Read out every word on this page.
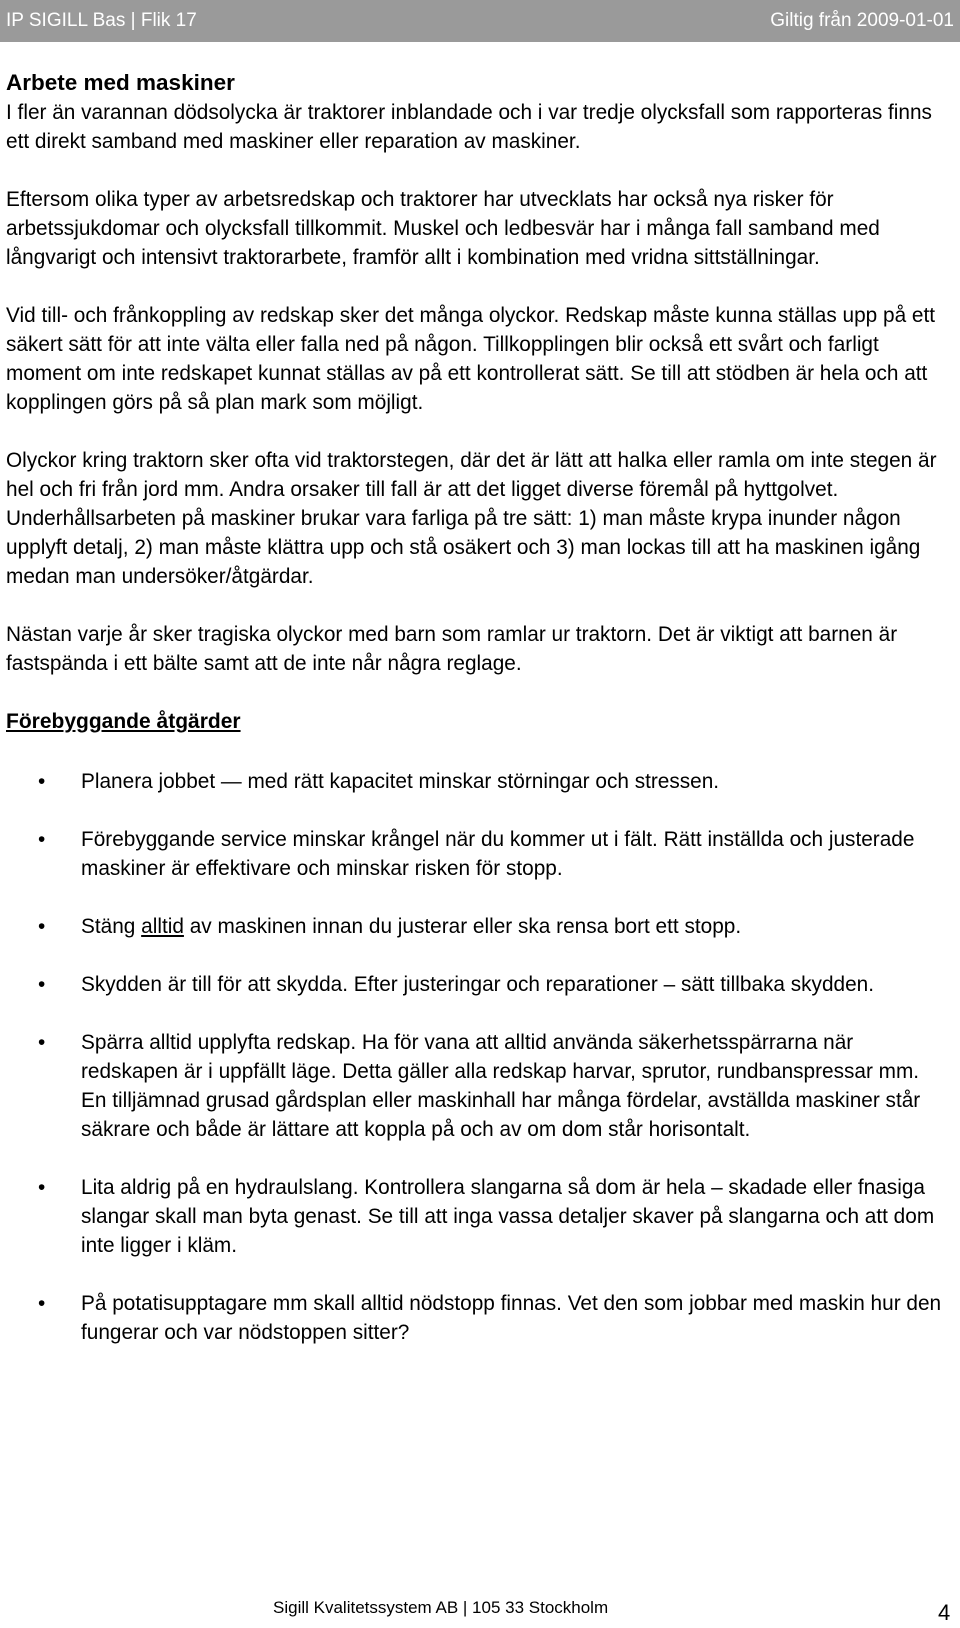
IP SIGILL Bas | Flik 17	Giltig från 2009-01-01
Arbete med maskiner

I fler än varannan dödsolycka är traktorer inblandade och i var tredje olycksfall som rapporteras finns ett direkt samband med maskiner eller reparation av maskiner.

Eftersom olika typer av arbetsredskap och traktorer har utvecklats har också nya risker för arbetssjukdomar och olycksfall tillkommit. Muskel och ledbesvär har i många fall samband med långvarigt och intensivt traktorarbete, framför allt i kombination med vridna sittställningar.

Vid till- och frånkoppling av redskap sker det många olyckor. Redskap måste kunna ställas upp på ett säkert sätt för att inte välta eller falla ned på någon. Tillkopplingen blir också ett svårt och farligt moment om inte redskapet kunnat ställas av på ett kontrollerat sätt. Se till att stödben är hela och att kopplingen görs på så plan mark som möjligt.

Olyckor kring traktorn sker ofta vid traktorstegen, där det är lätt att halka eller ramla om inte stegen är hel och fri från jord mm. Andra orsaker till fall är att det ligget diverse föremål på hyttgolvet. Underhållsarbeten på maskiner brukar vara farliga på tre sätt: 1) man måste krypa inunder någon upplyft detalj, 2) man måste klättra upp och stå osäkert och 3) man lockas till att ha maskinen igång medan man undersöker/åtgärdar.

Nästan varje år sker tragiska olyckor med barn som ramlar ur traktorn. Det är viktigt att barnen är fastspända i ett bälte samt att de inte når några reglage.

Förebyggande åtgärder
• Planera jobbet — med rätt kapacitet minskar störningar och stressen.
• Förebyggande service minskar krångel när du kommer ut i fält. Rätt inställda och justerade maskiner är effektivare och minskar risken för stopp.
• Stäng alltid av maskinen innan du justerar eller ska rensa bort ett stopp.
• Skydden är till för att skydda. Efter justeringar och reparationer – sätt tillbaka skydden.
• Spärra alltid upplyfta redskap. Ha för vana att alltid använda säkerhetsspärrarna när redskapen är i uppfällt läge. Detta gäller alla redskap harvar, sprutor, rundbanspressar mm. En tilljämnad grusad gårdsplan eller maskinhall har många fördelar, avställda maskiner står säkrare och både är lättare att koppla på och av om dom står horisontalt.
• Lita aldrig på en hydraulslang. Kontrollera slangarna så dom är hela – skadade eller fnasiga slangar skall man byta genast. Se till att inga vassa detaljer skaver på slangarna och att dom inte ligger i kläm.
• På potatisupptagare mm skall alltid nödstopp finnas. Vet den som jobbar med maskin hur den fungerar och var nödstoppen sitter?
Sigill Kvalitetssystem AB | 105 33 Stockholm	4
